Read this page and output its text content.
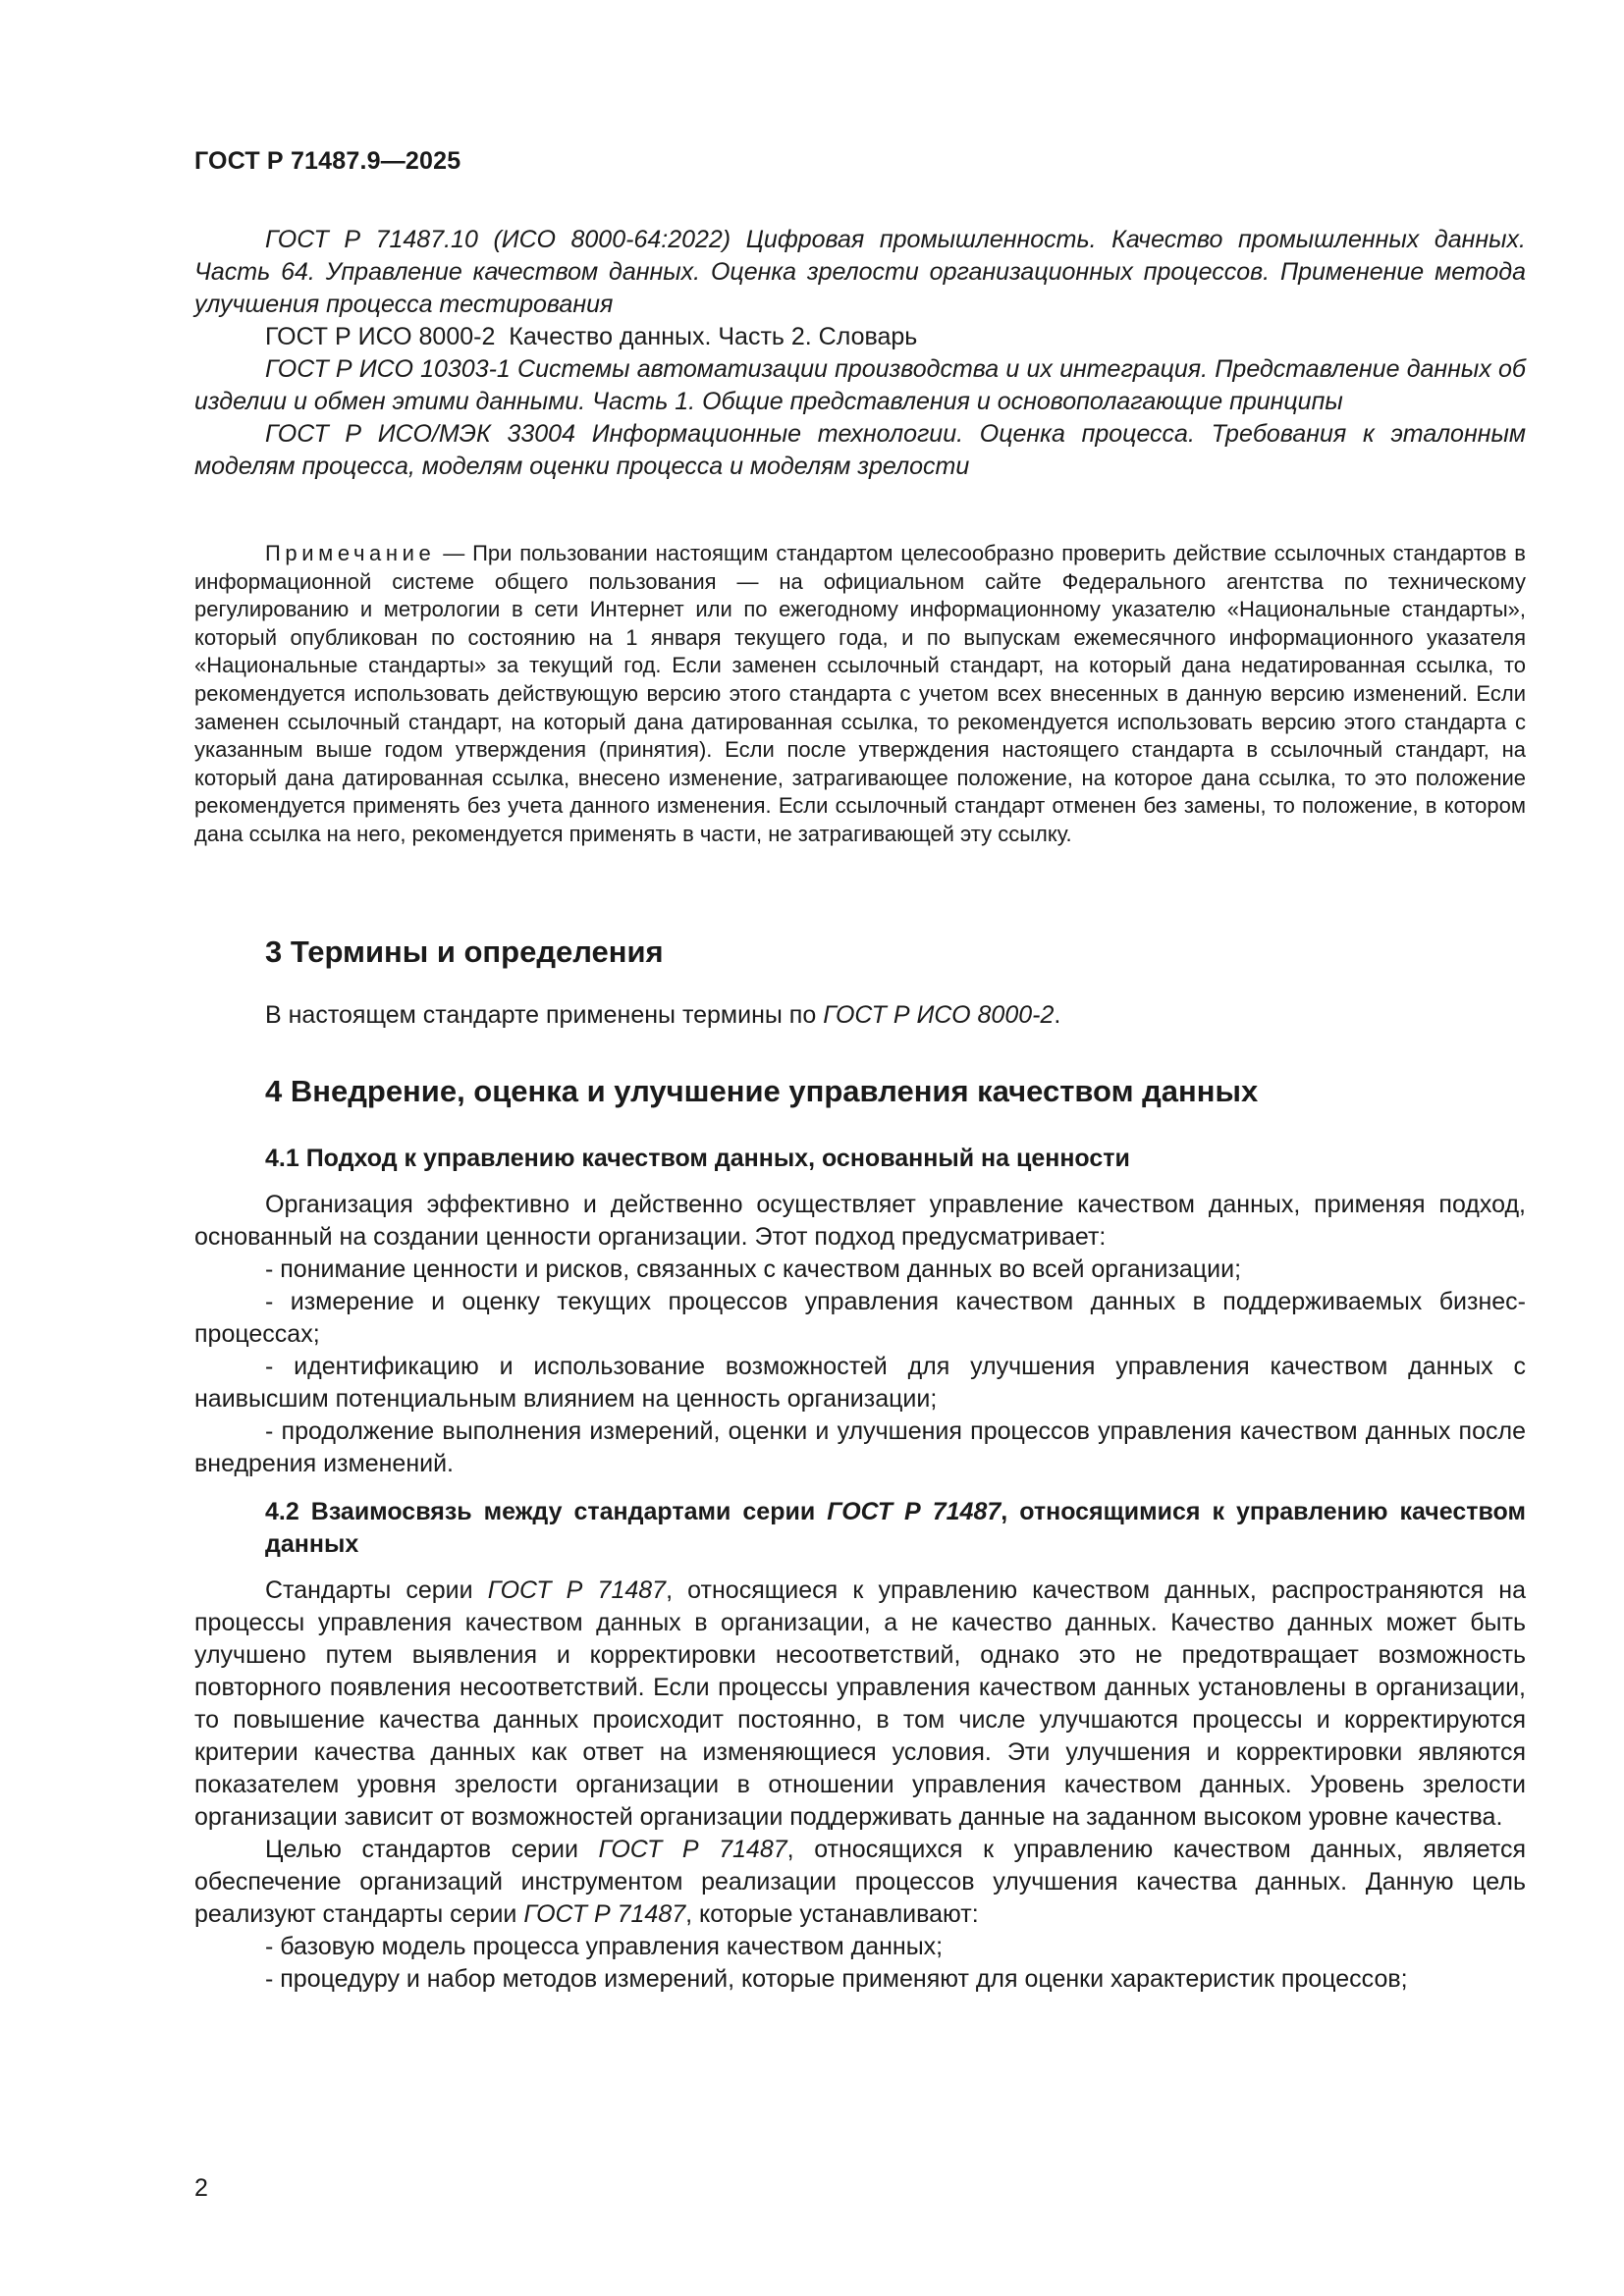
ГОСТ Р 71487.9—2025

ГОСТ Р 71487.10 (ИСО 8000-64:2022) Цифровая промышленность. Качество промышленных данных. Часть 64. Управление качеством данных. Оценка зрелости организационных процессов. Применение метода улучшения процесса тестирования

ГОСТ Р ИСО 8000-2 Качество данных. Часть 2. Словарь

ГОСТ Р ИСО 10303-1 Системы автоматизации производства и их интеграция. Представление данных об изделии и обмен этими данными. Часть 1. Общие представления и основополагающие принципы

ГОСТ Р ИСО/МЭК 33004 Информационные технологии. Оценка процесса. Требования к эталонным моделям процесса, моделям оценки процесса и моделям зрелости

Примечание — При пользовании настоящим стандартом целесообразно проверить действие ссылочных стандартов в информационной системе общего пользования — на официальном сайте Федерального агентства по техническому регулированию и метрологии в сети Интернет или по ежегодному информационному указателю «Национальные стандарты», который опубликован по состоянию на 1 января текущего года, и по выпускам ежемесячного информационного указателя «Национальные стандарты» за текущий год. Если заменен ссылочный стандарт, на который дана недатированная ссылка, то рекомендуется использовать действующую версию этого стандарта с учетом всех внесенных в данную версию изменений. Если заменен ссылочный стандарт, на который дана датированная ссылка, то рекомендуется использовать версию этого стандарта с указанным выше годом утверждения (принятия). Если после утверждения настоящего стандарта в ссылочный стандарт, на который дана датированная ссылка, внесено изменение, затрагивающее положение, на которое дана ссылка, то это положение рекомендуется применять без учета данного изменения. Если ссылочный стандарт отменен без замены, то положение, в котором дана ссылка на него, рекомендуется применять в части, не затрагивающей эту ссылку.
3 Термины и определения

В настоящем стандарте применены термины по ГОСТ Р ИСО 8000-2.

4 Внедрение, оценка и улучшение управления качеством данных
4.1 Подход к управлению качеством данных, основанный на ценности

Организация эффективно и действенно осуществляет управление качеством данных, применяя подход, основанный на создании ценности организации. Этот подход предусматривает:

- понимание ценности и рисков, связанных с качеством данных во всей организации;

- измерение и оценку текущих процессов управления качеством данных в поддерживаемых бизнес-процессах;

- идентификацию и использование возможностей для улучшения управления качеством данных с наивысшим потенциальным влиянием на ценность организации;

- продолжение выполнения измерений, оценки и улучшения процессов управления качеством данных после внедрения изменений.

4.2 Взаимосвязь между стандартами серии ГОСТ Р 71487, относящимися к управлению качеством данных

Стандарты серии ГОСТ Р 71487, относящиеся к управлению качеством данных, распространяются на процессы управления качеством данных в организации, а не качество данных. Качество данных может быть улучшено путем выявления и корректировки несоответствий, однако это не предотвращает возможность повторного появления несоответствий. Если процессы управления качеством данных установлены в организации, то повышение качества данных происходит постоянно, в том числе улучшаются процессы и корректируются критерии качества данных как ответ на изменяющиеся условия. Эти улучшения и корректировки являются показателем уровня зрелости организации в отношении управления качеством данных. Уровень зрелости организации зависит от возможностей организации поддерживать данные на заданном высоком уровне качества.

Целью стандартов серии ГОСТ Р 71487, относящихся к управлению качеством данных, является обеспечение организаций инструментом реализации процессов улучшения качества данных. Данную цель реализуют стандарты серии ГОСТ Р 71487, которые устанавливают:

- базовую модель процесса управления качеством данных;

- процедуру и набор методов измерений, которые применяют для оценки характеристик процессов;

2
